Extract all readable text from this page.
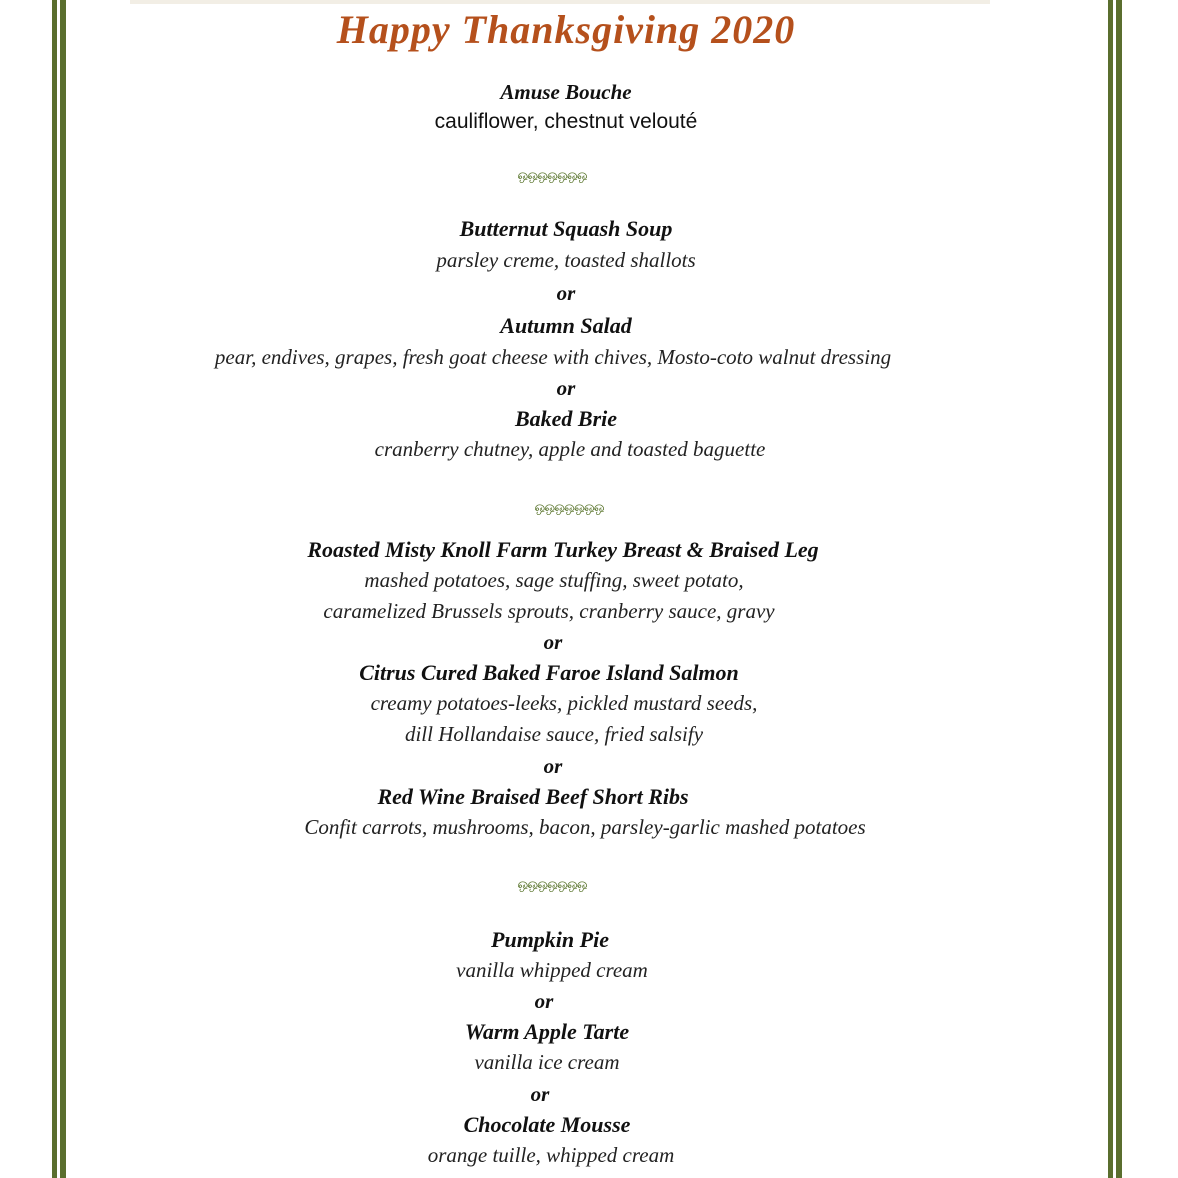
Happy Thanksgiving 2020
Amuse Bouche
cauliflower, chestnut velouté
ஒஒஒஒஒஒஒ
Butternut Squash Soup
parsley creme, toasted shallots
or
Autumn Salad
pear, endives, grapes, fresh goat cheese with chives, Mosto-coto walnut dressing
or
Baked Brie
cranberry chutney, apple and toasted baguette
ஒஒஒஒஒஒஒ
Roasted Misty Knoll Farm Turkey Breast & Braised Leg
mashed potatoes, sage stuffing, sweet potato,
caramelized Brussels sprouts, cranberry sauce, gravy
or
Citrus Cured Baked Faroe Island Salmon
creamy potatoes-leeks, pickled mustard seeds,
dill Hollandaise sauce, fried salsify
or
Red Wine Braised Beef Short Ribs
Confit carrots, mushrooms, bacon, parsley-garlic mashed potatoes
ஒஒஒஒஒஒஒ
Pumpkin Pie
vanilla whipped cream
or
Warm Apple Tarte
vanilla ice cream
or
Chocolate Mousse
orange tuille, whipped cream
